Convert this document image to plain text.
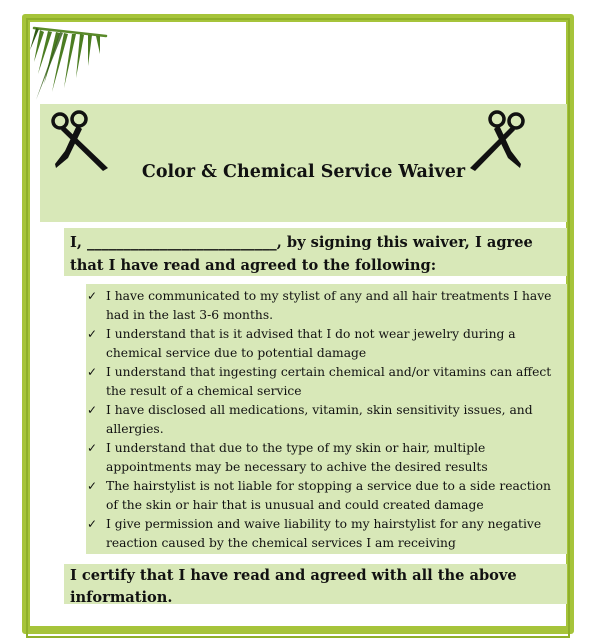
Color & Chemical Service Waiver
I, __________________________, by signing this waiver, I agree that I have read and agreed to the following:
✓ I have communicated to my stylist of any and all hair treatments I have had in the last 3-6 months.
✓ I understand that is it advised that I do not wear jewelry during a chemical service due to potential damage
✓ I understand that ingesting certain chemical and/or vitamins can affect the result of a chemical service
✓ I have disclosed all medications, vitamin, skin sensitivity issues, and allergies.
✓ I understand that due to the type of my skin or hair, multiple appointments may be necessary to achive the desired results
✓ The hairstylist is not liable for stopping a service due to a side reaction of the skin or hair that is unusual and could created damage
✓ I give permission and waive liability to my hairstylist for any negative reaction caused by the chemical services I am receiving
I certify that I have read and agreed with all the above information.
